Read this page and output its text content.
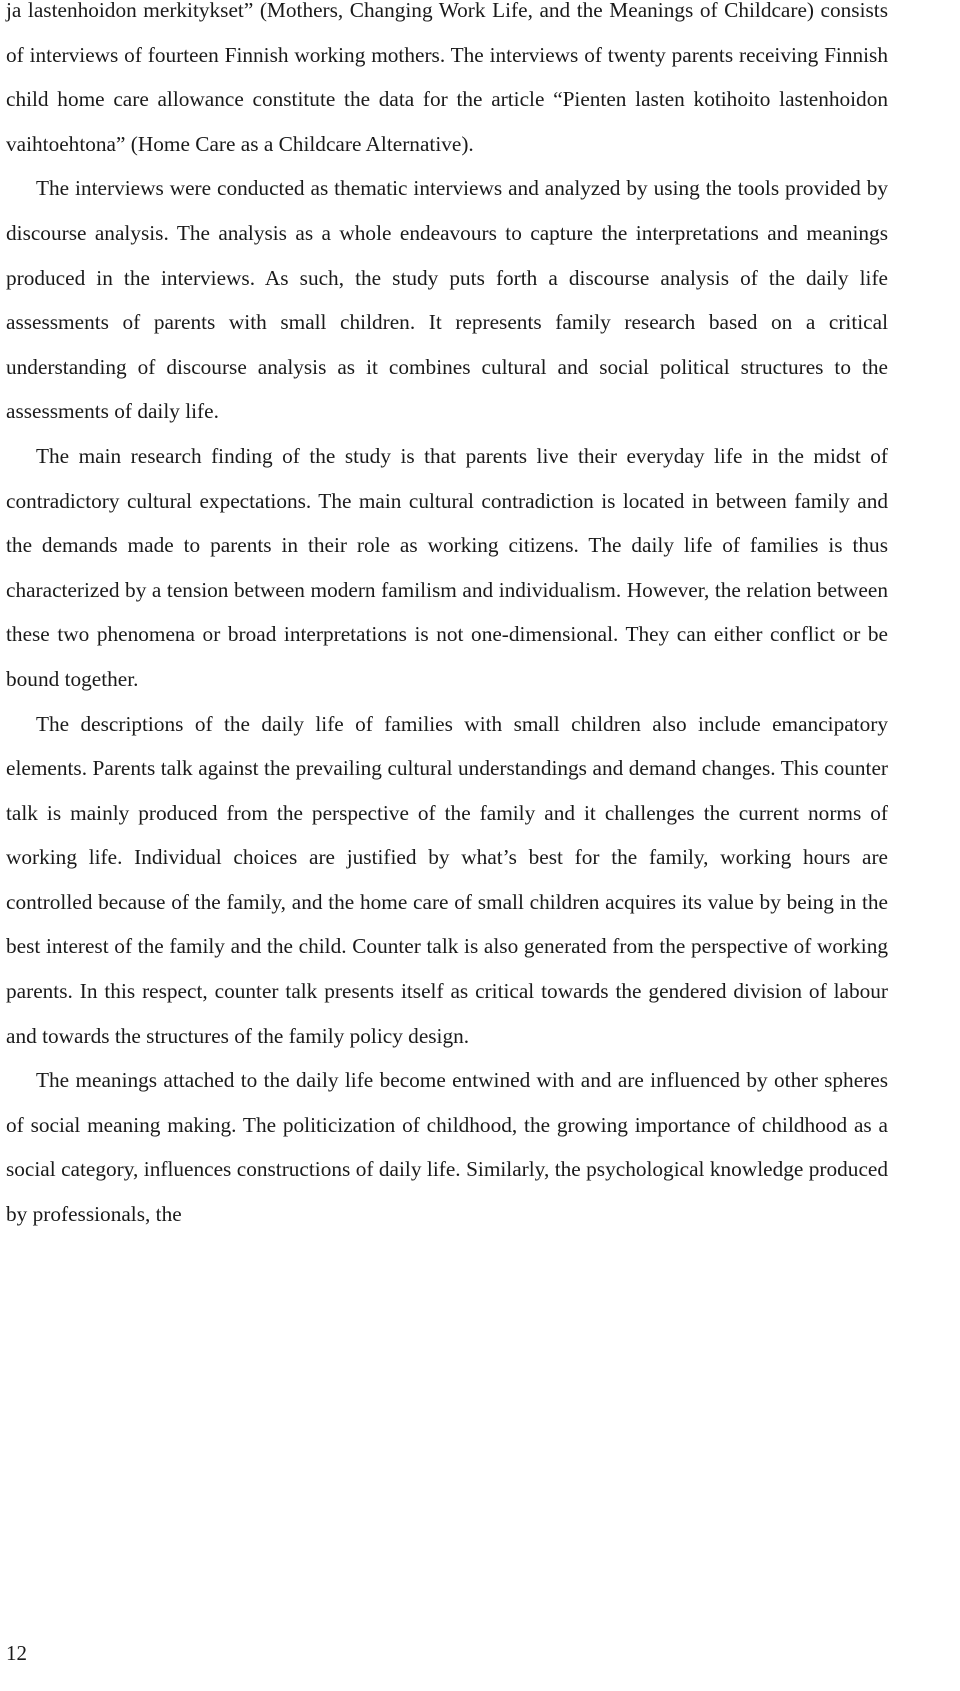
ja lastenhoidon merkitykset” (Mothers, Changing Work Life, and the Meanings of Childcare) consists of interviews of fourteen Finnish working mothers. The interviews of twenty parents receiving Finnish child home care allowance constitute the data for the article “Pienten lasten kotihoito lastenhoidon vaihtoehtona” (Home Care as a Childcare Alternative).

The interviews were conducted as thematic interviews and analyzed by using the tools provided by discourse analysis. The analysis as a whole endeavours to capture the interpretations and meanings produced in the interviews. As such, the study puts forth a discourse analysis of the daily life assessments of parents with small children. It represents family research based on a critical understanding of discourse analysis as it combines cultural and social political structures to the assessments of daily life.

The main research finding of the study is that parents live their everyday life in the midst of contradictory cultural expectations. The main cultural contradiction is located in between family and the demands made to parents in their role as working citizens. The daily life of families is thus characterized by a tension between modern familism and individualism. However, the relation between these two phenomena or broad interpretations is not one-dimensional. They can either conflict or be bound together.

The descriptions of the daily life of families with small children also include emancipatory elements. Parents talk against the prevailing cultural understandings and demand changes. This counter talk is mainly produced from the perspective of the family and it challenges the current norms of working life. Individual choices are justified by what’s best for the family, working hours are controlled because of the family, and the home care of small children acquires its value by being in the best interest of the family and the child. Counter talk is also generated from the perspective of working parents. In this respect, counter talk presents itself as critical towards the gendered division of labour and towards the structures of the family policy design.

The meanings attached to the daily life become entwined with and are influenced by other spheres of social meaning making. The politicization of childhood, the growing importance of childhood as a social category, influences constructions of daily life. Similarly, the psychological knowledge produced by professionals, the

12
